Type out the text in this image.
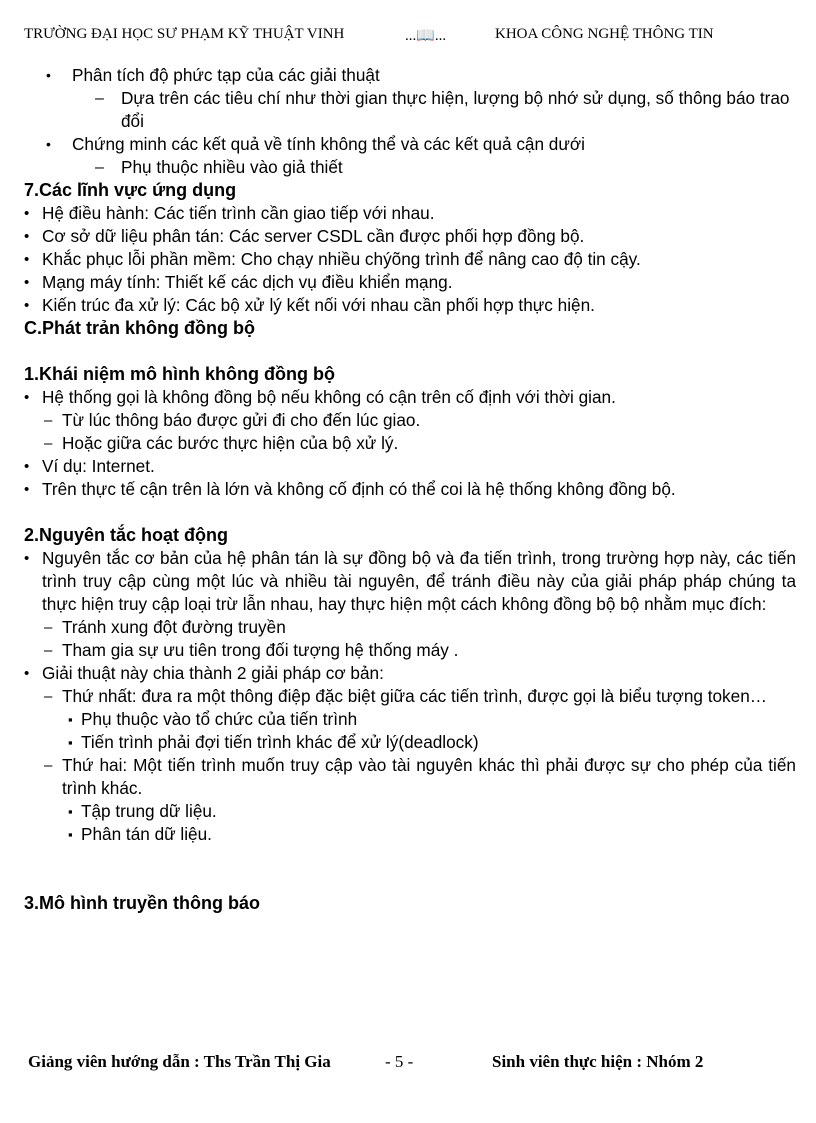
TRƯỜNG ĐẠI HỌC SƯ PHẠM KỸ THUẬT VINH	...📖...	KHOA CÔNG NGHỆ THÔNG TIN
•	Phân tích độ phức tạp của các giải thuật
– Dựa trên các tiêu chí như thời gian thực hiện, lượng bộ nhớ sử dụng, số thông báo trao đổi
•	Chứng minh các kết quả về tính không thể và các kết quả cận dưới
– Phụ thuộc nhiều vào giả thiết
7.Các lĩnh vực ứng dụng
• Hệ điều hành: Các tiến trình cần giao tiếp với nhau.
• Cơ sở dữ liệu phân tán: Các server CSDL cần được phối hợp đồng bộ.
• Khắc phục lỗi phần mềm: Cho chạy nhiều chýõng trình để nâng cao độ tin cậy.
• Mạng máy tính: Thiết kế các dịch vụ điều khiển mạng.
• Kiến trúc đa xử lý: Các bộ xử lý kết nối với nhau cần phối hợp thực hiện.
C.Phát trản không đồng bộ
1.Khái niệm mô hình không đồng bộ
• Hệ thống gọi là không đồng bộ nếu không có cận trên cố định với thời gian.
– Từ lúc thông báo được gửi đi cho đến lúc giao.
– Hoặc giữa các bước thực hiện của bộ xử lý.
• Ví dụ: Internet.
• Trên thực tế cận trên là lớn và không cố định có thể coi là hệ thống không đồng bộ.
2.Nguyên tắc hoạt động
• Nguyên tắc cơ bản của hệ phân tán là sự đồng bộ và đa tiến trình, trong trường hợp này, các tiến trình truy cập cùng một lúc và nhiều tài nguyên, để tránh điều này của giải pháp pháp chúng ta thực hiện truy cập loại trừ lẫn nhau, hay thực hiện một cách không đồng bộ bộ nhằm mục đích:
– Tránh xung đột đường truyền
– Tham gia sự ưu tiên trong đối tượng hệ thống máy .
• Giải thuật này chia thành 2 giải pháp cơ bản:
– Thứ nhất: đưa ra một thông điệp đặc biệt giữa các tiến trình, được gọi là biểu tượng token…
▪ Phụ thuộc vào tổ chức của tiến trình
▪ Tiến trình phải đợi tiến trình khác để xử lý(deadlock)
– Thứ hai: Một tiến trình muốn truy cập vào tài nguyên khác thì phải được sự cho phép của tiến trình khác.
▪ Tập trung dữ liệu.
▪ Phân tán dữ liệu.
3.Mô hình truyền thông báo
Giảng viên hướng dẫn : Ths Trần Thị Gia	- 5 -	Sinh viên thực hiện : Nhóm 2
